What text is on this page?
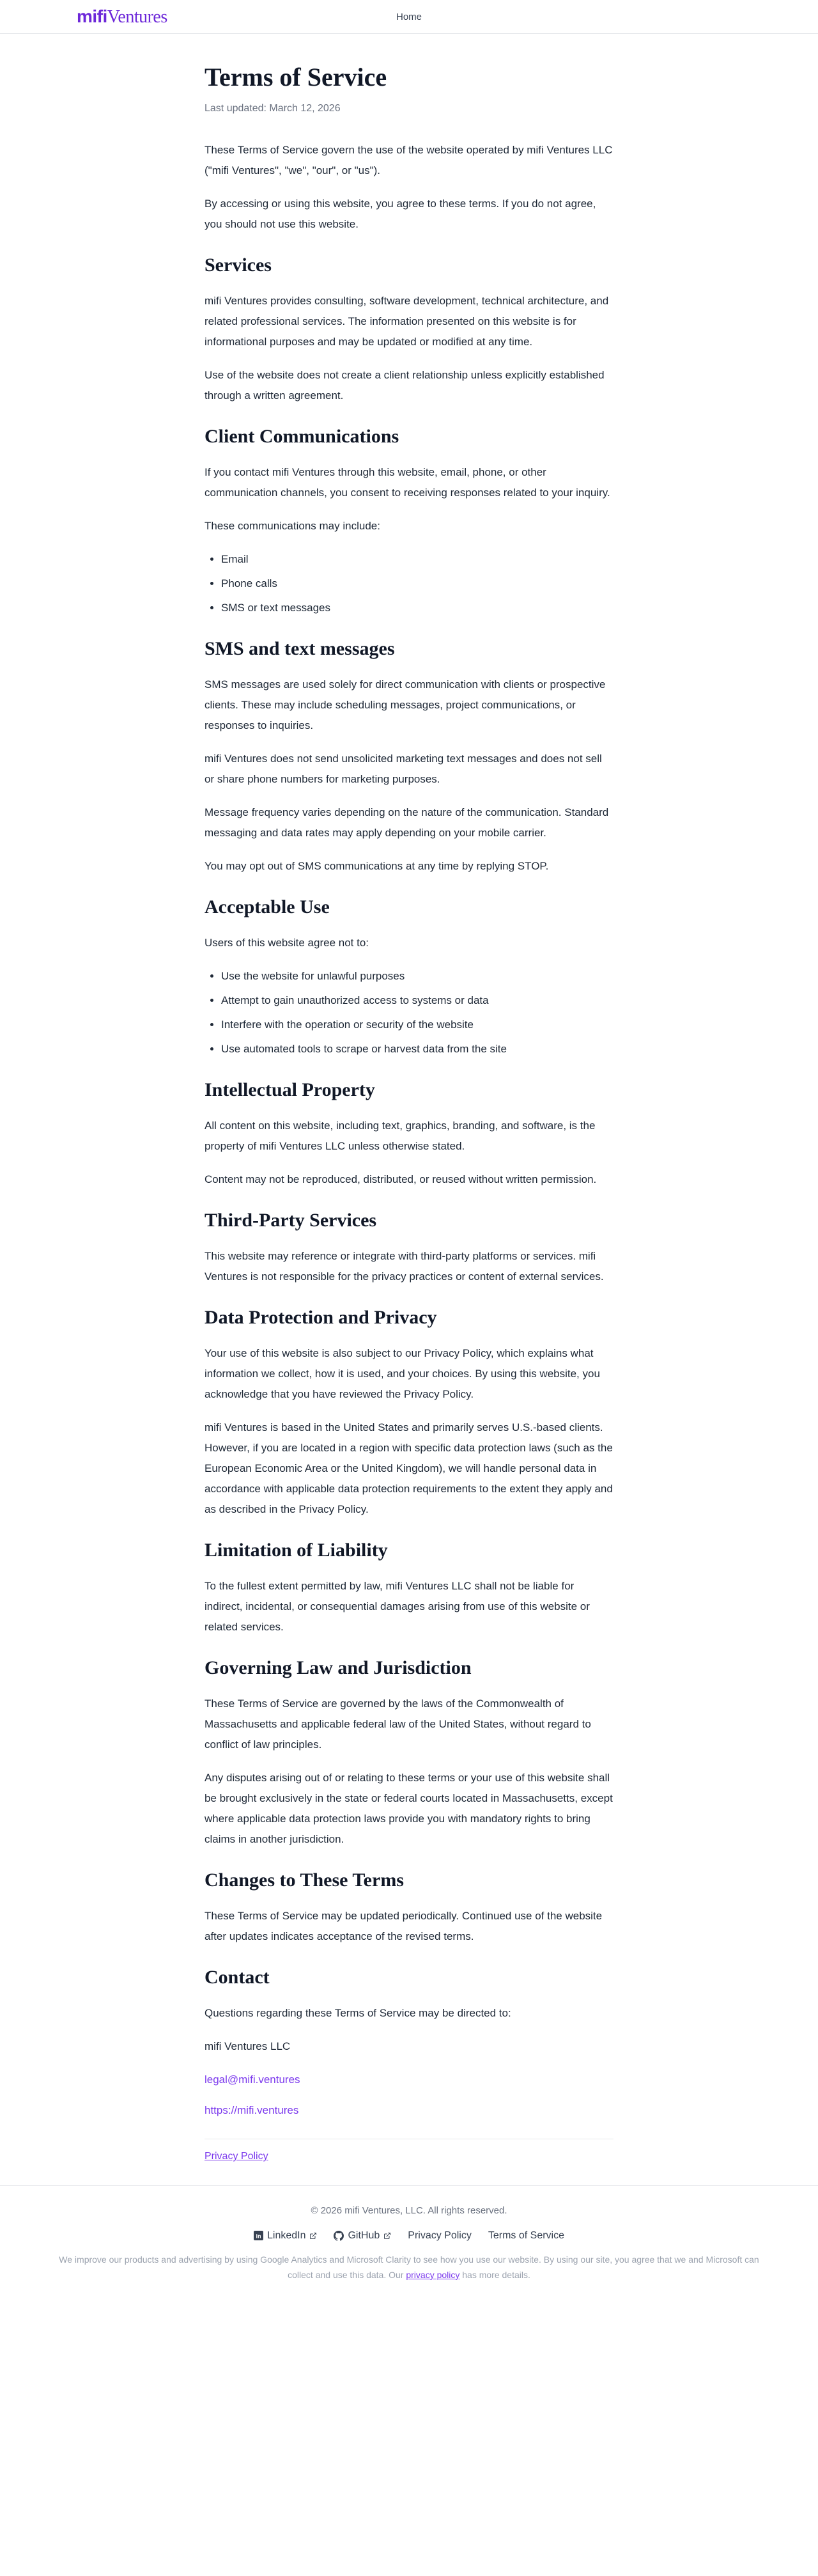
mifiVentures	Home
Terms of Service

Last updated: March 12, 2026

These Terms of Service govern the use of the website operated by mifi Ventures LLC ("mifi Ventures", "we", "our", or "us").

By accessing or using this website, you agree to these terms. If you do not agree, you should not use this website.

Services

mifi Ventures provides consulting, software development, technical architecture, and related professional services. The information presented on this website is for informational purposes and may be updated or modified at any time.

Use of the website does not create a client relationship unless explicitly established through a written agreement.

Client Communications

If you contact mifi Ventures through this website, email, phone, or other communication channels, you consent to receiving responses related to your inquiry.

These communications may include:

• Email
• Phone calls
• SMS or text messages
SMS and text messages

SMS messages are used solely for direct communication with clients or prospective clients. These may include scheduling messages, project communications, or responses to inquiries.

mifi Ventures does not send unsolicited marketing text messages and does not sell or share phone numbers for marketing purposes.

Message frequency varies depending on the nature of the communication. Standard messaging and data rates may apply depending on your mobile carrier.

You may opt out of SMS communications at any time by replying STOP.

Acceptable Use

Users of this website agree not to:

• Use the website for unlawful purposes
• Attempt to gain unauthorized access to systems or data
• Interfere with the operation or security of the website
• Use automated tools to scrape or harvest data from the site
Intellectual Property

All content on this website, including text, graphics, branding, and software, is the property of mifi Ventures LLC unless otherwise stated.

Content may not be reproduced, distributed, or reused without written permission.

Third-Party Services

This website may reference or integrate with third-party platforms or services. mifi Ventures is not responsible for the privacy practices or content of external services.

Data Protection and Privacy

Your use of this website is also subject to our Privacy Policy, which explains what information we collect, how it is used, and your choices. By using this website, you acknowledge that you have reviewed the Privacy Policy.

mifi Ventures is based in the United States and primarily serves U.S.-based clients. However, if you are located in a region with specific data protection laws (such as the European Economic Area or the United Kingdom), we will handle personal data in accordance with applicable data protection requirements to the extent they apply and as described in the Privacy Policy.

Limitation of Liability

To the fullest extent permitted by law, mifi Ventures LLC shall not be liable for indirect, incidental, or consequential damages arising from use of this website or related services.

Governing Law and Jurisdiction

These Terms of Service are governed by the laws of the Commonwealth of Massachusetts and applicable federal law of the United States, without regard to conflict of law principles.

Any disputes arising out of or relating to these terms or your use of this website shall be brought exclusively in the state or federal courts located in Massachusetts, except where applicable data protection laws provide you with mandatory rights to bring claims in another jurisdiction.

Changes to These Terms

These Terms of Service may be updated periodically. Continued use of the website after updates indicates acceptance of the revised terms.

Contact

Questions regarding these Terms of Service may be directed to:

mifi Ventures LLC

legal@mifi.ventures

https://mifi.ventures

Privacy Policy

© 2026 mifi Ventures, LLC. All rights reserved.

in LinkedIn	GitHub	Privacy Policy Terms of Service

We improve our products and advertising by using Google Analytics and Microsoft Clarity to see how you use our website. By using our site, you agree that we and Microsoft can collect and use this data. Our privacy policy has more details.
